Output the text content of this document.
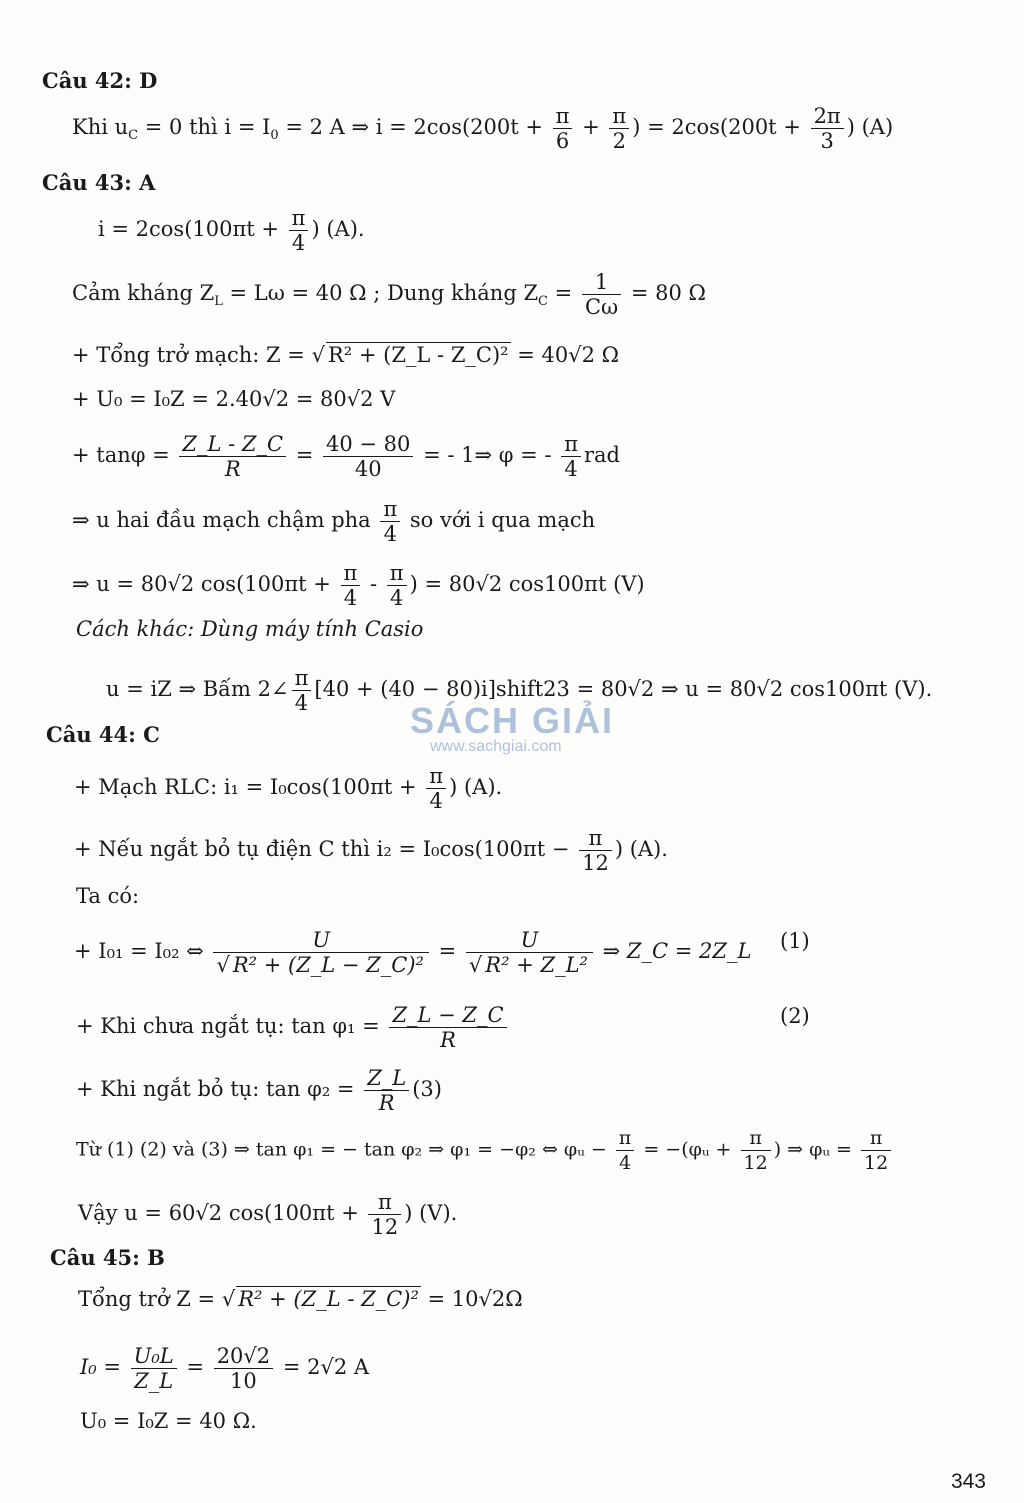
Câu 42: D
Khi $u_C = 0$ thì $i = I_0 = 2$ A ⇒ $i = 2\cos(200t + \frac{\pi}{6} + \frac{\pi}{2}$ ) = $2\cos(200t + \frac{2\pi}{3}$ ) (A)
Câu 43: A
$i = 2\cos(100\pi t + \frac{\pi}{4}$ ) (A).
Cảm kháng $Z_L = L\omega = 40$ Ω ; Dung kháng $Z_C = \frac{1}{C\omega} = 80$ Ω
+ Tổng trở mạch: Z = √ R² + (Z_L - Z_C)² = 40√2 Ω
+ U₀ = I₀Z = 2.40√2 = 80√2 V
+ $\tan\varphi = \frac{Z\_L - Z\_C}{R} = \frac{40 - 80}{40}$ = - 1⇒ φ = - $\frac{\pi}{4}$ rad
⇒ u hai đầu mạch chậm pha $\frac{\pi}{4}$ so với i qua mạch
⇒ u = 80√2 $\cos(100\pi t + \frac{\pi}{4} - \frac{\pi}{4}$ ) = 80√2 cos100πt (V)
Cách khác: Dùng máy tính Casio
u = iZ ⇒ Bấm 2∠ $\frac{\pi}{4} [40 + (40$ − 80)i]shift23 = 80√2 ⇒ u = 80√2 cos100πt (V).
SÁCH GIẢI
www.sachgiai.com
Câu 44: C
+ Mạch RLC: $i_1 = I_0\cos(100\pi t + \frac{\pi}{4}$ ) (A).
+ Nếu ngắt bỏ tụ điện C thì $i_2 = I_0\cos(100\pi t - \frac{\pi}{12}$ ) (A).
Ta có:
+ I₀₁ = I₀₂ ⇔ $\frac{U}{\text{√ R² + (Z\_L − Z\_C)²}} = \frac{U}{\text{√ R² + Z\_L²}}$ ⇒ Z_C = 2Z_L (1)
+ Khi chưa ngắt tụ: $\tan \varphi_1 = \frac{Z\_L - Z\_C}{R}$	(2)
+ Khi ngắt bỏ tụ: $\tan \varphi_2 = \frac{Z\_L}{R} (3)$
Từ (1) (2) và (3) ⇒ tan φ₁ = − tan φ₂ ⇒ φ₁ = −φ₂ ⇔ φᵤ − $\frac{\pi}{4}$ = −(φᵤ + $\frac{\pi}{12}$ ) ⇒ φᵤ = $\frac{\pi}{12}$
Vậy u = 60√2 $\cos(100\pi t + \frac{\pi}{12}$ ) (V).
Câu 45: B
Tổng trở Z = √ R² + (Z_L - Z_C)² = 10√2Ω
$I_0 = \frac{\text{U₀L}}{Z\_L} = \frac{20√2}{10} = 2√2$ A
U₀ = I₀Z = 40 Ω.
343
